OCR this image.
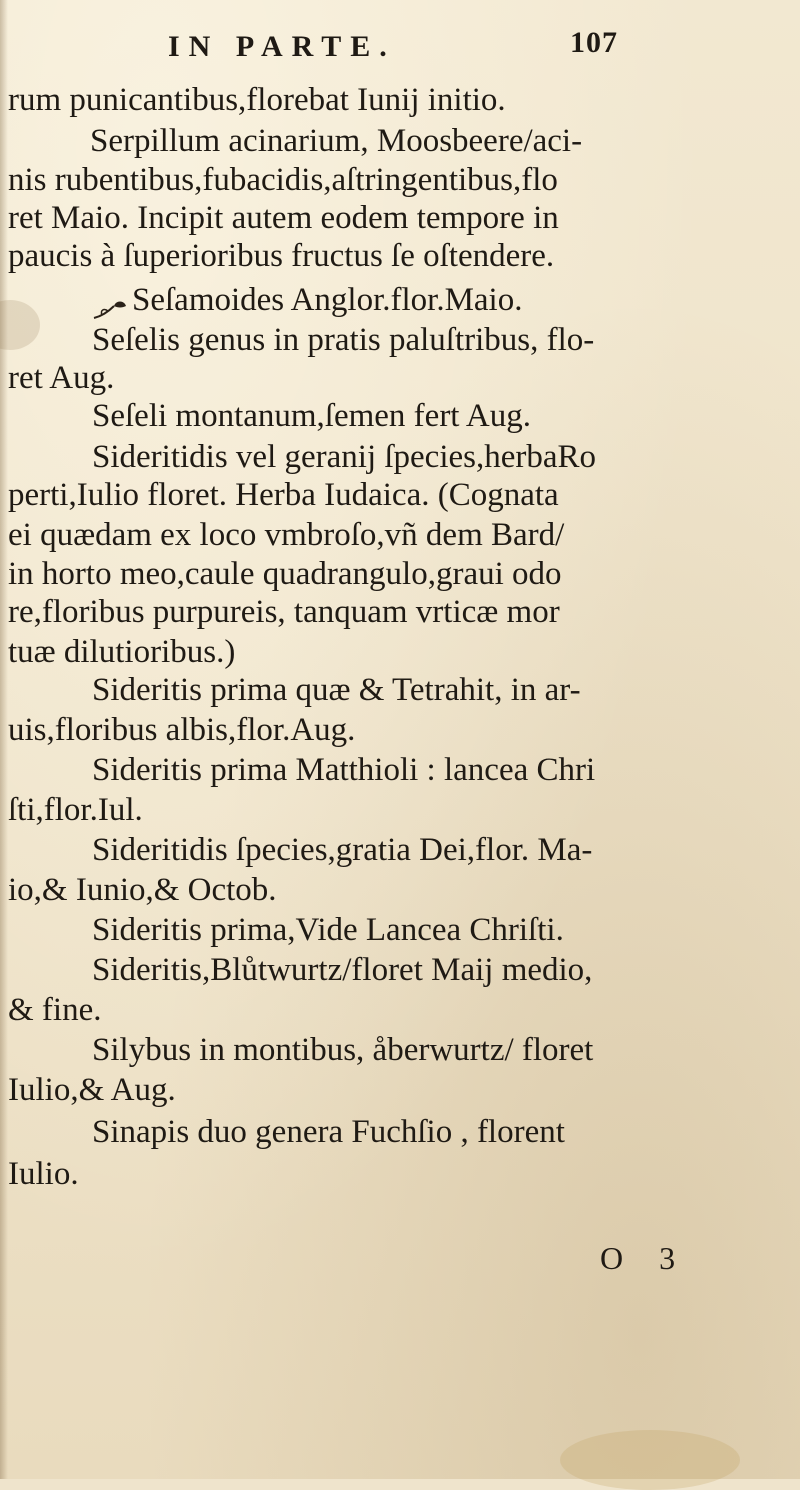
IN PARTE.	107
rum punicantibus,florebat Iunij initio.
Serpillum acinarium, Moosbeere/aci-
nis rubentibus,fubacidis,aſtringentibus,flo
ret Maio. Incipit autem eodem tempore in
paucis à ſuperioribus fructus ſe oſtendere.
Seſamoides Anglor.flor.Maio.
Seſelis genus in pratis paluſtribus, flo-
ret Aug.
Seſeli montanum,ſemen fert Aug.
Sideritidis vel geranij ſpecies,herbaRo
perti,Iulio floret. Herba Iudaica. (Cognata
ei quædam ex loco vmbroſo,vñ dem Bard/
in horto meo,caule quadrangulo,graui odo
re,floribus purpureis, tanquam vrticæ mor
tuæ dilutioribus.)
Sideritis prima quæ & Tetrahit, in ar-
uis,floribus albis,flor.Aug.
Sideritis prima Matthioli : lancea Chri
ſti,flor.Iul.
Sideritidis ſpecies,gratia Dei,flor. Ma-
io,& Iunio,& Octob.
Sideritis prima,Vide Lancea Chriſti.
Sideritis,Blůtwurtz/floret Maij medio,
& fine.
Silybus in montibus, åberwurtz/ floret
Iulio,& Aug.
Sinapis duo genera Fuchſio , florent
Iulio.
O 3
